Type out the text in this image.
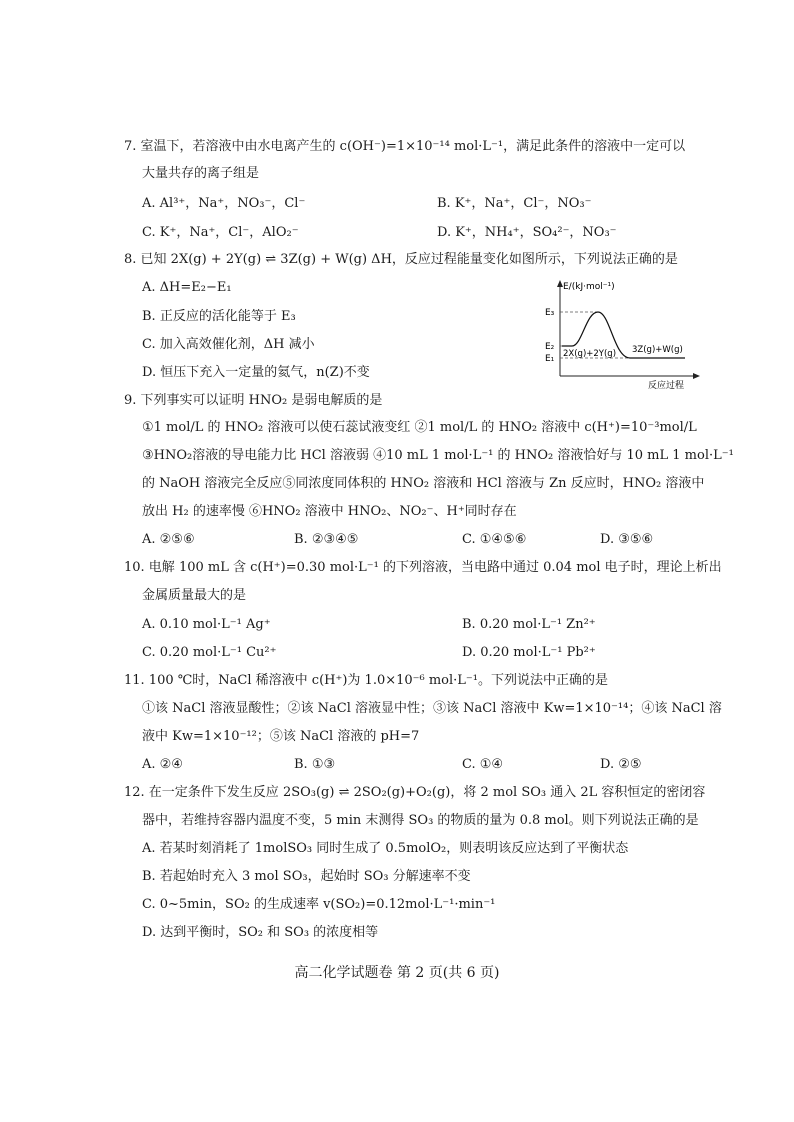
7. 室温下，若溶液中由水电离产生的 c(OH⁻)=1×10⁻¹⁴ mol·L⁻¹，满足此条件的溶液中一定可以
大量共存的离子组是
A. Al³⁺，Na⁺，NO₃⁻，Cl⁻	B. K⁺，Na⁺，Cl⁻，NO₃⁻
C. K⁺，Na⁺，Cl⁻，AlO₂⁻	D. K⁺，NH₄⁺，SO₄²⁻，NO₃⁻
8. 已知 2X(g) + 2Y(g) ⇌ 3Z(g) + W(g) ΔH，反应过程能量变化如图所示，下列说法正确的是
A. ΔH=E₂−E₁
B. 正反应的活化能等于 E₃
C. 加入高效催化剂，ΔH 减小
D. 恒压下充入一定量的氦气，n(Z)不变
E/(kJ·mol⁻¹)
E₃
E₂
E₁ 2X(g)+2Y(g) 3Z(g)+W(g)
反应过程
9. 下列事实可以证明 HNO₂ 是弱电解质的是
①1 mol/L 的 HNO₂ 溶液可以使石蕊试液变红 ②1 mol/L 的 HNO₂ 溶液中 c(H⁺)=10⁻³mol/L
③HNO₂溶液的导电能力比 HCl 溶液弱 ④10 mL 1 mol·L⁻¹ 的 HNO₂ 溶液恰好与 10 mL 1 mol·L⁻¹
的 NaOH 溶液完全反应⑤同浓度同体积的 HNO₂ 溶液和 HCl 溶液与 Zn 反应时，HNO₂ 溶液中
放出 H₂ 的速率慢 ⑥HNO₂ 溶液中 HNO₂、NO₂⁻、H⁺同时存在
A. ②⑤⑥	B. ②③④⑤	C. ①④⑤⑥	D. ③⑤⑥
10. 电解 100 mL 含 c(H⁺)=0.30 mol·L⁻¹ 的下列溶液，当电路中通过 0.04 mol 电子时，理论上析出
金属质量最大的是
A. 0.10 mol·L⁻¹ Ag⁺	B. 0.20 mol·L⁻¹ Zn²⁺
C. 0.20 mol·L⁻¹ Cu²⁺	D. 0.20 mol·L⁻¹ Pb²⁺
11. 100 ℃时，NaCl 稀溶液中 c(H⁺)为 1.0×10⁻⁶ mol·L⁻¹。下列说法中正确的是
①该 NaCl 溶液显酸性；②该 NaCl 溶液显中性；③该 NaCl 溶液中 Kw=1×10⁻¹⁴；④该 NaCl 溶
液中 Kw=1×10⁻¹²；⑤该 NaCl 溶液的 pH=7
A. ②④	B. ①③	C. ①④	D. ②⑤
12. 在一定条件下发生反应 2SO₃(g) ⇌ 2SO₂(g)+O₂(g)，将 2 mol SO₃ 通入 2L 容积恒定的密闭容
器中，若维持容器内温度不变，5 min 末测得 SO₃ 的物质的量为 0.8 mol。则下列说法正确的是
A. 若某时刻消耗了 1molSO₃ 同时生成了 0.5molO₂，则表明该反应达到了平衡状态
B. 若起始时充入 3 mol SO₃，起始时 SO₃ 分解速率不变
C. 0~5min，SO₂ 的生成速率 v(SO₂)=0.12mol·L⁻¹·min⁻¹
D. 达到平衡时，SO₂ 和 SO₃ 的浓度相等
高二化学试题卷 第 2 页(共 6 页)
